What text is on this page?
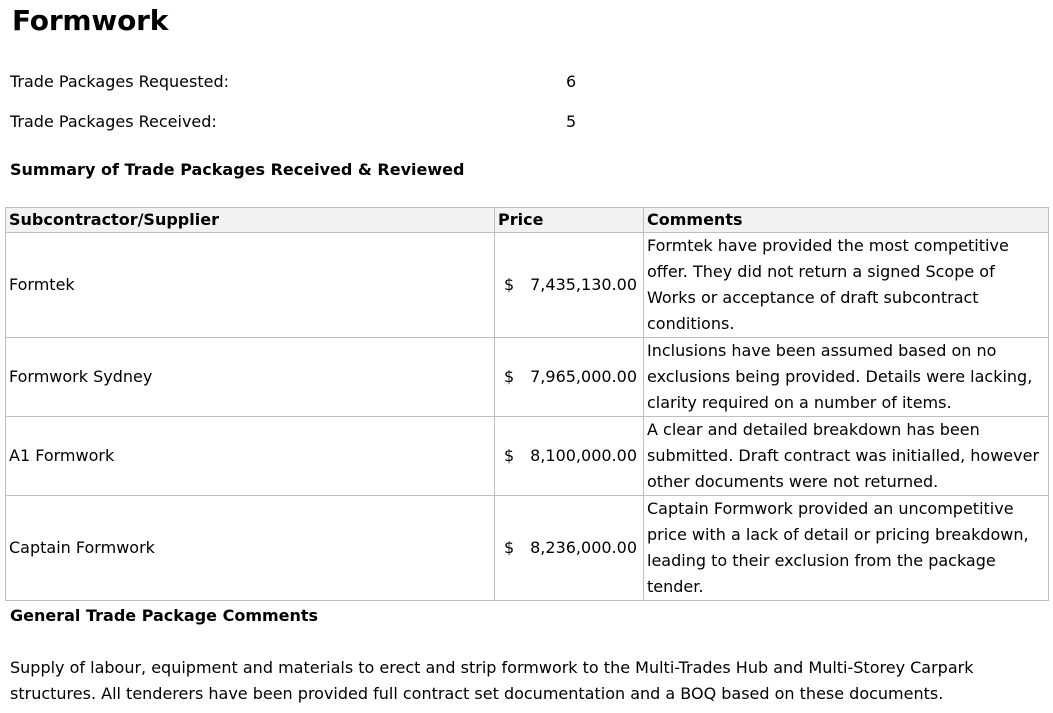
Formwork
Trade Packages Requested:	6
Trade Packages Received:	5
Summary of Trade Packages Received & Reviewed
Subcontractor/Supplier	Price	Comments
Formtek	$ 7,435,130.00	Formtek have provided the most competitive offer. They did not return a signed Scope of Works or acceptance of draft subcontract conditions.
Formwork Sydney	$ 7,965,000.00	Inclusions have been assumed based on no exclusions being provided. Details were lacking, clarity required on a number of items.
A1 Formwork	$ 8,100,000.00	A clear and detailed breakdown has been submitted. Draft contract was initialled, however other documents were not returned.
Captain Formwork	$ 8,236,000.00	Captain Formwork provided an uncompetitive price with a lack of detail or pricing breakdown, leading to their exclusion from the package tender.
General Trade Package Comments

Supply of labour, equipment and materials to erect and strip formwork to the Multi-Trades Hub and Multi-Storey Carpark structures. All tenderers have been provided full contract set documentation and a BOQ based on these documents.
